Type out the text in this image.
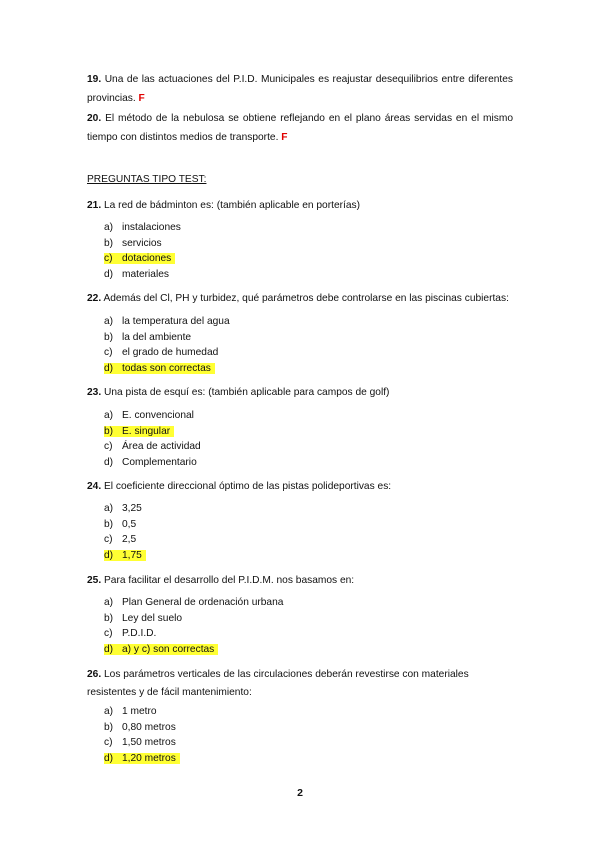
19. Una de las actuaciones del P.I.D. Municipales es reajustar desequilibrios entre diferentes provincias. F

20. El método de la nebulosa se obtiene reflejando en el plano áreas servidas en el mismo tiempo con distintos medios de transporte. F

PREGUNTAS TIPO TEST:

21. La red de bádminton es: (también aplicable en porterías)

a) instalaciones
b) servicios
c) dotaciones
d) materiales

22. Además del Cl, PH y turbidez, qué parámetros debe controlarse en las piscinas cubiertas:

a) la temperatura del agua
b) la del ambiente
c) el grado de humedad
d) todas son correctas

23. Una pista de esquí es: (también aplicable para campos de golf)

a) E. convencional
b) E. singular
c) Área de actividad
d) Complementario

24. El coeficiente direccional óptimo de las pistas polideportivas es:

a) 3,25
b) 0,5
c) 2,5
d) 1,75

25. Para facilitar el desarrollo del P.I.D.M. nos basamos en:

a) Plan General de ordenación urbana
b) Ley del suelo
c) P.D.I.D.
d) a) y c) son correctas

26. Los parámetros verticales de las circulaciones deberán revestirse con materiales resistentes y de fácil mantenimiento:

a) 1 metro
b) 0,80 metros
c) 1,50 metros
d) 1,20 metros
2
